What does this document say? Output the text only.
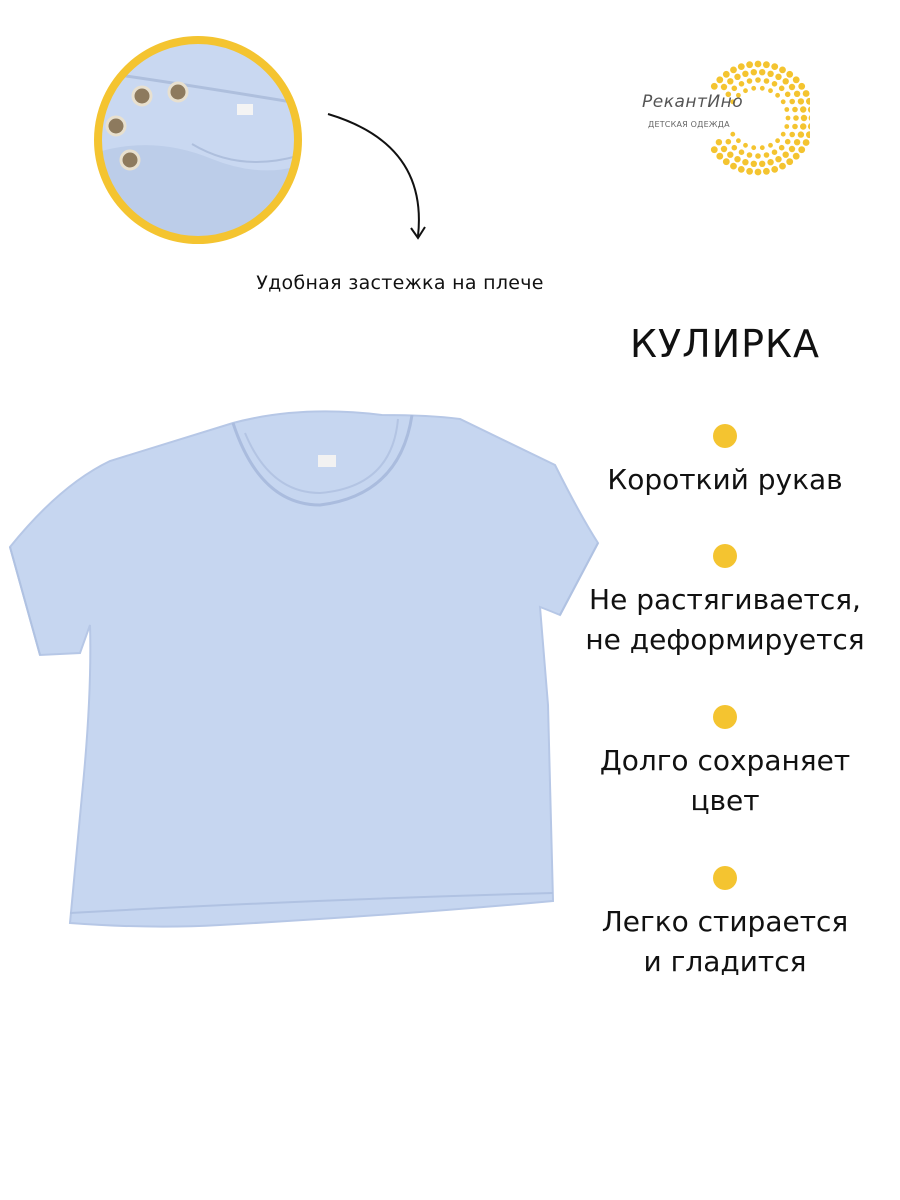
Удобная застежка на плече
РекантИно
ДЕТСКАЯ ОДЕЖДА
КУЛИРКА
Короткий рукав
Не растягивается,
не деформируется
Долго сохраняет
цвет
Легко стирается
и гладится
